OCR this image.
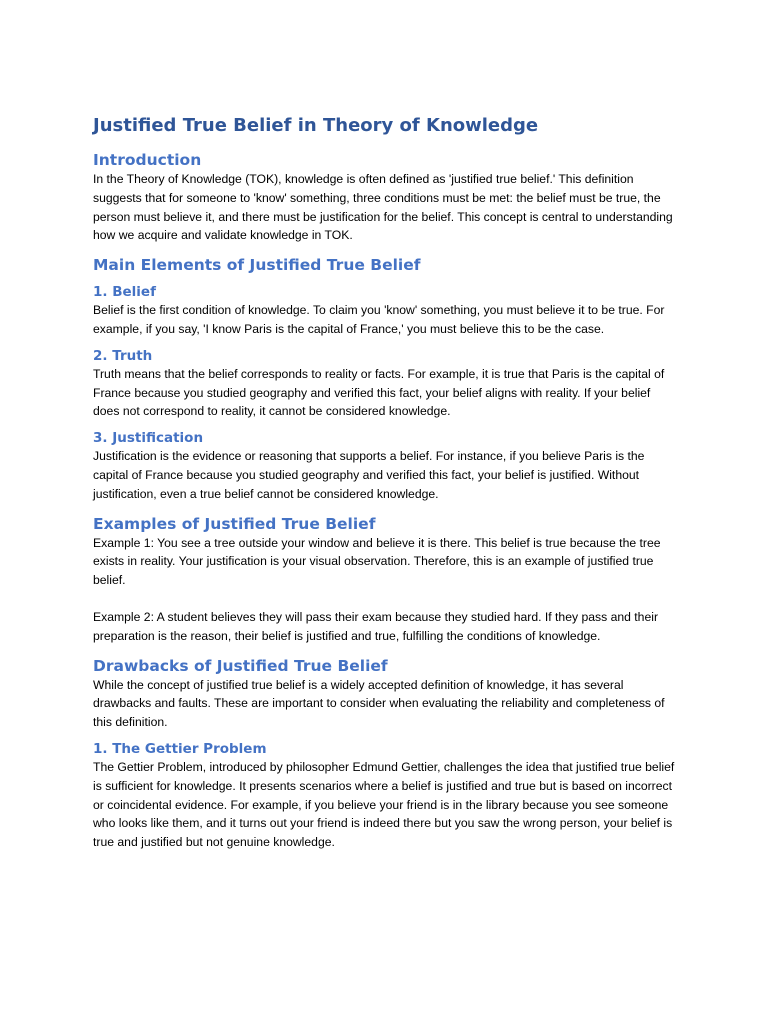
Justified True Belief in Theory of Knowledge
Introduction

In the Theory of Knowledge (TOK), knowledge is often defined as 'justified true belief.' This definition suggests that for someone to 'know' something, three conditions must be met: the belief must be true, the person must believe it, and there must be justification for the belief. This concept is central to understanding how we acquire and validate knowledge in TOK.

Main Elements of Justified True Belief
1. Belief

Belief is the first condition of knowledge. To claim you 'know' something, you must believe it to be true. For example, if you say, 'I know Paris is the capital of France,' you must believe this to be the case.

2. Truth

Truth means that the belief corresponds to reality or facts. For example, it is true that Paris is the capital of France because you studied geography and verified this fact, your belief aligns with reality. If your belief does not correspond to reality, it cannot be considered knowledge.

3. Justification

Justification is the evidence or reasoning that supports a belief. For instance, if you believe Paris is the capital of France because you studied geography and verified this fact, your belief is justified. Without justification, even a true belief cannot be considered knowledge.

Examples of Justified True Belief

Example 1: You see a tree outside your window and believe it is there. This belief is true because the tree exists in reality. Your justification is your visual observation. Therefore, this is an example of justified true belief.

Example 2: A student believes they will pass their exam because they studied hard. If they pass and their preparation is the reason, their belief is justified and true, fulfilling the conditions of knowledge.

Drawbacks of Justified True Belief

While the concept of justified true belief is a widely accepted definition of knowledge, it has several drawbacks and faults. These are important to consider when evaluating the reliability and completeness of this definition.

1. The Gettier Problem

The Gettier Problem, introduced by philosopher Edmund Gettier, challenges the idea that justified true belief is sufficient for knowledge. It presents scenarios where a belief is justified and true but is based on incorrect or coincidental evidence. For example, if you believe your friend is in the library because you see someone who looks like them, and it turns out your friend is indeed there but you saw the wrong person, your belief is true and justified but not genuine knowledge.
